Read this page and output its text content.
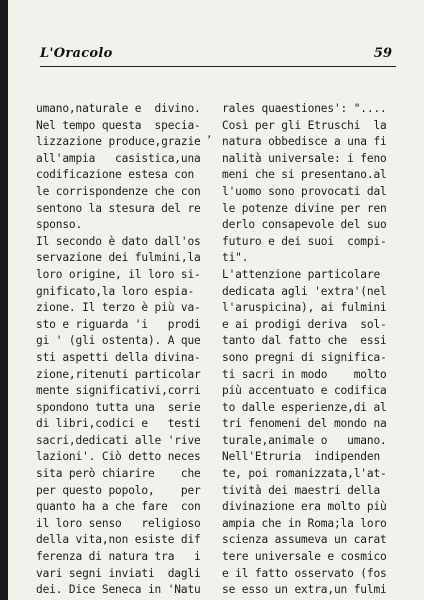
L'Oracolo	59
,
umano,naturale e  divino.
Nel tempo questa  specia-
lizzazione produce,grazie
all'ampia   casistica,una
codificazione estesa con
le corrispondenze che con
sentono la stesura del re
sponso.
Il secondo è dato dall'os
servazione dei fulmini,la
loro origine, il loro si-
gnificato,la loro espia-
zione. Il terzo è più va-
sto e riguarda 'i   prodi
gi ' (gli ostenta). A que
sti aspetti della divina-
zione,ritenuti particolar
mente significativi,corri
spondono tutta una  serie
di libri,codici e   testi
sacri,dedicati alle 'rive
lazioni'. Ciò detto neces
sita però chiarire    che
per questo popolo,    per
quanto ha a che fare  con
il loro senso   religioso
della vita,non esiste dif
ferenza di natura tra   i
vari segni inviati  dagli
dei. Dice Seneca in 'Natu
rales quaestiones': "....
Così per gli Etruschi  la
natura obbedisce a una fi
nalità universale: i feno
meni che si presentano.al
l'uomo sono provocati dal
le potenze divine per ren
derlo consapevole del suo
futuro e dei suoi  compi-
ti".
L'attenzione particolare
dedicata agli 'extra'(nel
l'aruspicina), ai fulmini
e ai prodigi deriva  sol-
tanto dal fatto che  essi
sono pregni di significa-
ti sacri in modo    molto
più accentuato e codifica
to dalle esperienze,di al
tri fenomeni del mondo na
turale,animale o   umano.
Nell'Etruria  indipenden
te, poi romanizzata,l'at-
tività dei maestri della
divinazione era molto più
ampia che in Roma;la loro
scienza assumeva un carat
tere universale e cosmico
e il fatto osservato (fos
se esso un extra,un fulmi
